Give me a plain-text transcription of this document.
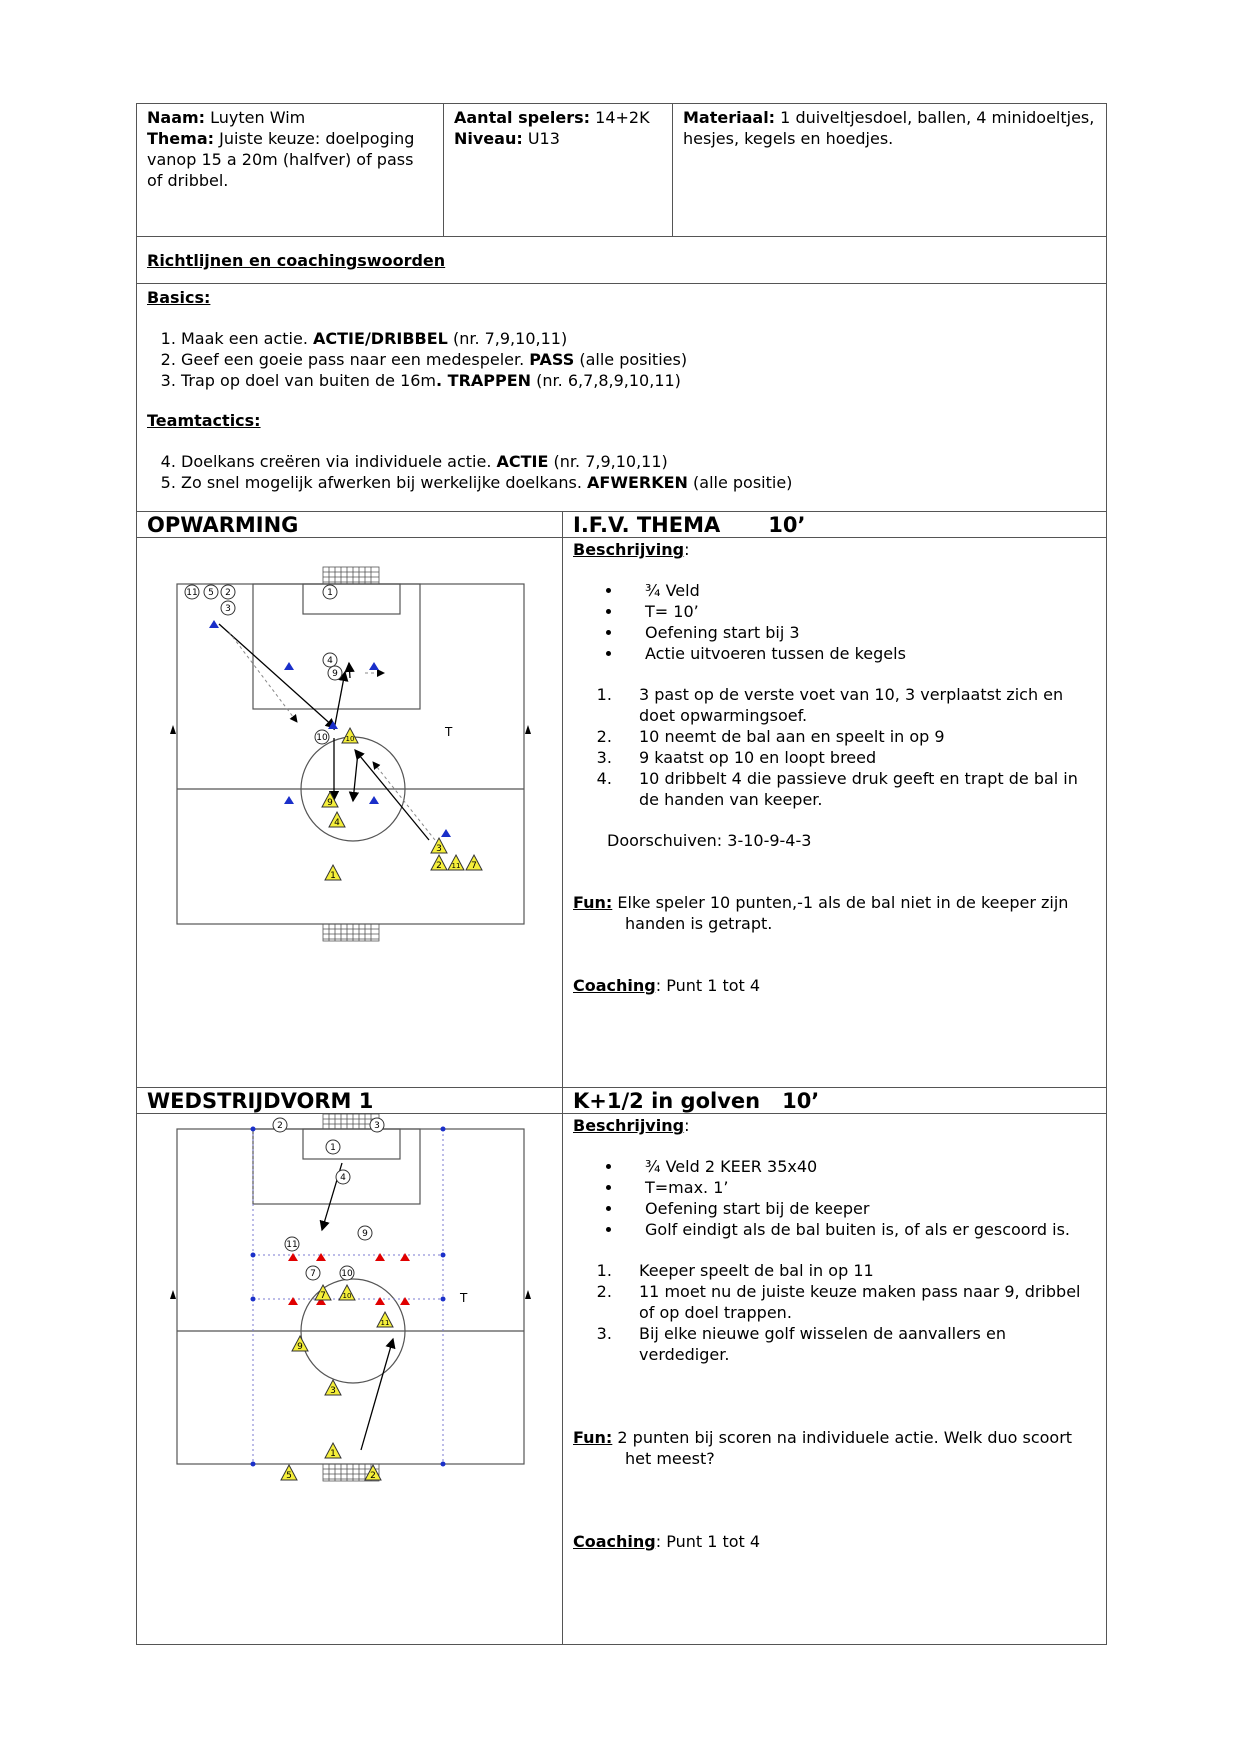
Naam: Luyten Wim
Thema: Juiste keuze: doelpoging vanop 15 a 20m (halfver) of pass of dribbel.
Aantal spelers: 14+2K
Niveau: U13
Materiaal: 1 duiveltjesdoel, ballen, 4 minidoeltjes, hesjes, kegels en hoedjes.
Richtlijnen en coachingswoorden
Basics:
1. Maak een actie. ACTIE/DRIBBEL (nr. 7,9,10,11)
2. Geef een goeie pass naar een medespeler. PASS (alle posities)
3. Trap op doel van buiten de 16m. TRAPPEN (nr. 6,7,8,9,10,11)
Teamtactics:
4. Doelkans creëren via individuele actie. ACTIE (nr. 7,9,10,11)
5. Zo snel mogelijk afwerken bij werkelijke doelkans. AFWERKEN (alle positie)
OPWARMING	I.F.V. THEMA 10’
T
11 5 2
3
1
4
9
10	10
9
4
3
2 11 7
1
Beschrijving:
• ¾ Veld
• T= 10’
• Oefening start bij 3
• Actie uitvoeren tussen de kegels
1. 3 past op de verste voet van 10, 3 verplaatst zich en doet opwarmingsoef.
2. 10 neemt de bal aan en speelt in op 9
3. 9 kaatst op 10 en loopt breed
4. 10 dribbelt 4 die passieve druk geeft en trapt de bal in de handen van keeper.
Doorschuiven: 3-10-9-4-3
Fun: Elke speler 10 punten,-1 als de bal niet in de keeper zijn handen is getrapt.
Coaching: Punt 1 tot 4
WEDSTRIJDVORM 1	K+1/2 in golven 10’
T
2	3
1
4
11
9
7	10
7 10
11
9
3
1
5	2
Beschrijving:
• ¾ Veld 2 KEER 35x40
• T=max. 1’
• Oefening start bij de keeper
• Golf eindigt als de bal buiten is, of als er gescoord is.
1. Keeper speelt de bal in op 11
2. 11 moet nu de juiste keuze maken pass naar 9, dribbel of op doel trappen.
3. Bij elke nieuwe golf wisselen de aanvallers en verdediger.
Fun: 2 punten bij scoren na individuele actie. Welk duo scoort het meest?
Coaching: Punt 1 tot 4
